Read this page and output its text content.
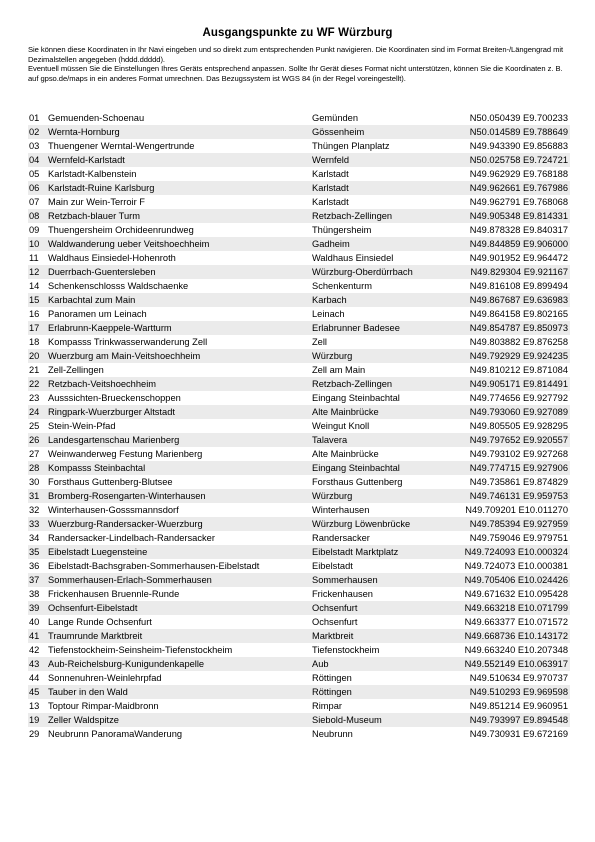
Ausgangspunkte zu WF Würzburg

Sie können diese Koordinaten in Ihr Navi eingeben und so direkt zum entsprechenden Punkt navigieren. Die Koordinaten sind im Format Breiten-/Längengrad mit Dezimalstellen angegeben (hddd.ddddd).

Eventuell müssen Sie die Einstellungen Ihres Geräts entsprechend anpassen. Sollte Ihr Gerät dieses Format nicht unterstützen, können Sie die Koordinaten z. B. auf gpso.de/maps in ein anderes Format umrechnen. Das Bezugssystem ist WGS 84 (in der Regel voreingestellt).

01 Gemuenden-Schoenau	Gemünden	N50.050439 E9.700233
02 Wernta-Hornburg	Gössenheim	N50.014589 E9.788649
03 Thuengener Werntal-Wengertrunde	Thüngen Planplatz	N49.943390 E9.856883
04 Wernfeld-Karlstadt	Wernfeld	N50.025758 E9.724721
05 Karlstadt-Kalbenstein	Karlstadt	N49.962929 E9.768188
06 Karlstadt-Ruine Karlsburg	Karlstadt	N49.962661 E9.767986
07 Main zur Wein-Terroir F	Karlstadt	N49.962791 E9.768068
08 Retzbach-blauer Turm	Retzbach-Zellingen	N49.905348 E9.814331
09 Thuengersheim Orchideenrundweg	Thüngersheim	N49.878328 E9.840317
10 Waldwanderung ueber Veitshoechheim	Gadheim	N49.844859 E9.906000
11 Waldhaus Einsiedel-Hohenroth	Waldhaus Einsiedel	N49.901952 E9.964472
12 Duerrbach-Guentersleben	Würzburg-Oberdürrbach	N49.829304 E9.921167
14 Schenkenschlosss Waldschaenke	Schenkenturm	N49.816108 E9.899494
15 Karbachtal zum Main	Karbach	N49.867687 E9.636983
16 Panoramen um Leinach	Leinach	N49.864158 E9.802165
17 Erlabrunn-Kaeppele-Wartturm	Erlabrunner Badesee	N49.854787 E9.850973
18 Kompasss Trinkwasserwanderung Zell	Zell	N49.803882 E9.876258
20 Wuerzburg am Main-Veitshoechheim	Würzburg	N49.792929 E9.924235
21 Zell-Zellingen	Zell am Main	N49.810212 E9.871084
22 Retzbach-Veitshoechheim	Retzbach-Zellingen	N49.905171 E9.814491
23 Ausssichten-Brueckenschoppen	Eingang Steinbachtal	N49.774656 E9.927792
24 Ringpark-Wuerzburger Altstadt	Alte Mainbrücke	N49.793060 E9.927089
25 Stein-Wein-Pfad	Weingut Knoll	N49.805505 E9.928295
26 Landesgartenschau Marienberg	Talavera	N49.797652 E9.920557
27 Weinwanderweg Festung Marienberg	Alte Mainbrücke	N49.793102 E9.927268
28 Kompasss Steinbachtal	Eingang Steinbachtal	N49.774715 E9.927906
30 Forsthaus Guttenberg-Blutsee	Forsthaus Guttenberg	N49.735861 E9.874829
31 Bromberg-Rosengarten-Winterhausen	Würzburg	N49.746131 E9.959753
32 Winterhausen-Gosssmannsdorf	Winterhausen	N49.709201 E10.011270
33 Wuerzburg-Randersacker-Wuerzburg	Würzburg Löwenbrücke	N49.785394 E9.927959
34 Randersacker-Lindelbach-Randersacker	Randersacker	N49.759046 E9.979751
35 Eibelstadt Luegensteine	Eibelstadt Marktplatz	N49.724093 E10.000324
36 Eibelstadt-Bachsgraben-Sommerhausen-Eibelstadt	Eibelstadt	N49.724073 E10.000381
37 Sommerhausen-Erlach-Sommerhausen	Sommerhausen	N49.705406 E10.024426
38 Frickenhausen Bruennle-Runde	Frickenhausen	N49.671632 E10.095428
39 Ochsenfurt-Eibelstadt	Ochsenfurt	N49.663218 E10.071799
40 Lange Runde Ochsenfurt	Ochsenfurt	N49.663377 E10.071572
41 Traumrunde Marktbreit	Marktbreit	N49.668736 E10.143172
42 Tiefenstockheim-Seinsheim-Tiefenstockheim	Tiefenstockheim	N49.663240 E10.207348
43 Aub-Reichelsburg-Kunigundenkapelle	Aub	N49.552149 E10.063917
44 Sonnenuhren-Weinlehrpfad	Röttingen	N49.510634 E9.970737
45 Tauber in den Wald	Röttingen	N49.510293 E9.969598
13 Toptour Rimpar-Maidbronn	Rimpar	N49.851214 E9.960951
19 Zeller Waldspitze	Siebold-Museum	N49.793997 E9.894548
29 Neubrunn PanoramaWanderung	Neubrunn	N49.730931 E9.672169
